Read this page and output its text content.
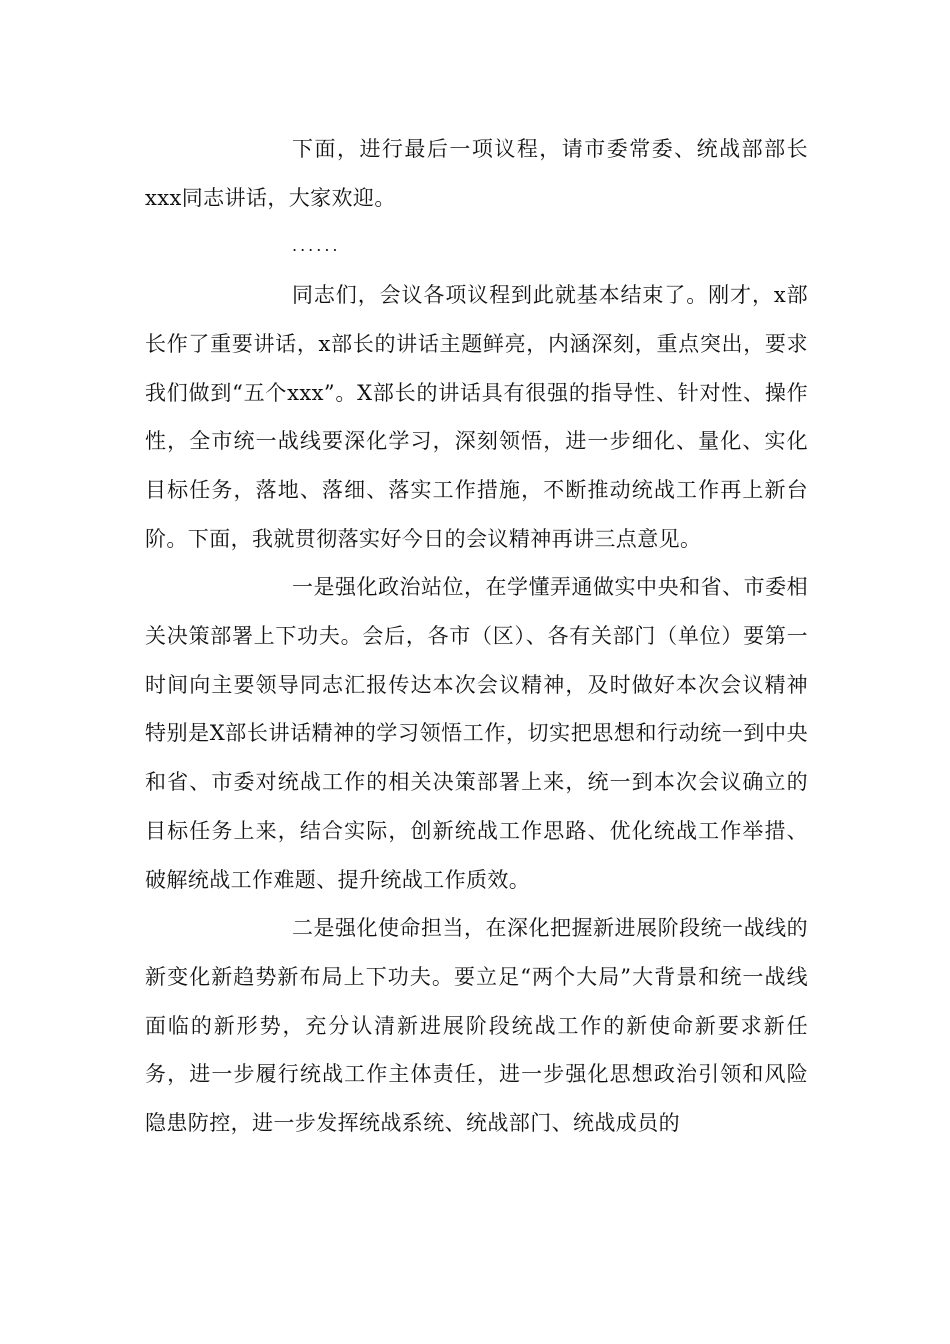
下面，进行最后一项议程，请市委常委、统战部部长xxx同志讲话，大家欢迎。

......

同志们，会议各项议程到此就基本结束了。刚才，x部长作了重要讲话，x部长的讲话主题鲜亮，内涵深刻，重点突出，要求我们做到“五个xxx”。X部长的讲话具有很强的指导性、针对性、操作性，全市统一战线要深化学习，深刻领悟，进一步细化、量化、实化目标任务，落地、落细、落实工作措施，不断推动统战工作再上新台阶。下面，我就贯彻落实好今日的会议精神再讲三点意见。

一是强化政治站位，在学懂弄通做实中央和省、市委相关决策部署上下功夫。会后，各市（区）、各有关部门（单位）要第一时间向主要领导同志汇报传达本次会议精神，及时做好本次会议精神特别是X部长讲话精神的学习领悟工作，切实把思想和行动统一到中央和省、市委对统战工作的相关决策部署上来，统一到本次会议确立的目标任务上来，结合实际，创新统战工作思路、优化统战工作举措、破解统战工作难题、提升统战工作质效。

二是强化使命担当，在深化把握新进展阶段统一战线的新变化新趋势新布局上下功夫。要立足“两个大局”大背景和统一战线面临的新形势，充分认清新进展阶段统战工作的新使命新要求新任务，进一步履行统战工作主体责任，进一步强化思想政治引领和风险隐患防控，进一步发挥统战系统、统战部门、统战成员的
